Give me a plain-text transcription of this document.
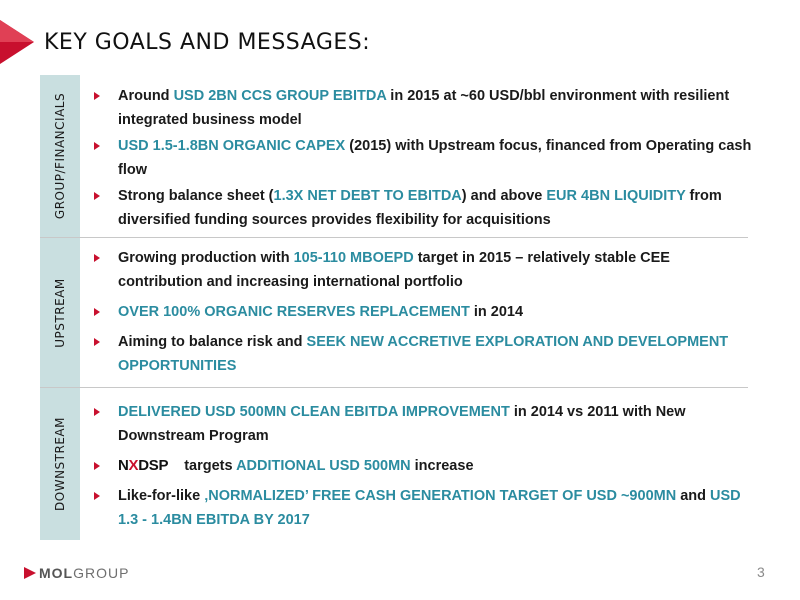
KEY GOALS AND MESSAGES:
GROUP/FINANCIALS
UPSTREAM
DOWNSTREAM
Around USD 2BN CCS GROUP EBITDA in 2015 at ~60 USD/bbl environment with resilient integrated business model
USD 1.5-1.8BN ORGANIC CAPEX (2015) with Upstream focus, financed from Operating cash flow
Strong balance sheet (1.3X NET DEBT TO EBITDA) and above EUR 4BN LIQUIDITY from diversified funding sources provides flexibility for acquisitions
Growing production with 105-110 MBOEPD target in 2015 – relatively stable CEE contribution and increasing international portfolio
OVER 100% ORGANIC RESERVES REPLACEMENT in 2014
Aiming to balance risk and SEEK NEW ACCRETIVE EXPLORATION AND DEVELOPMENT OPPORTUNITIES
DELIVERED USD 500MN CLEAN EBITDA IMPROVEMENT in 2014 vs 2011 with New Downstream Program
NXDSP targets ADDITIONAL USD 500MN increase
Like-for-like ‚NORMALIZED’ FREE CASH GENERATION TARGET OF USD ~900MN and USD 1.3 - 1.4BN EBITDA BY 2017
MOLGROUP	3
